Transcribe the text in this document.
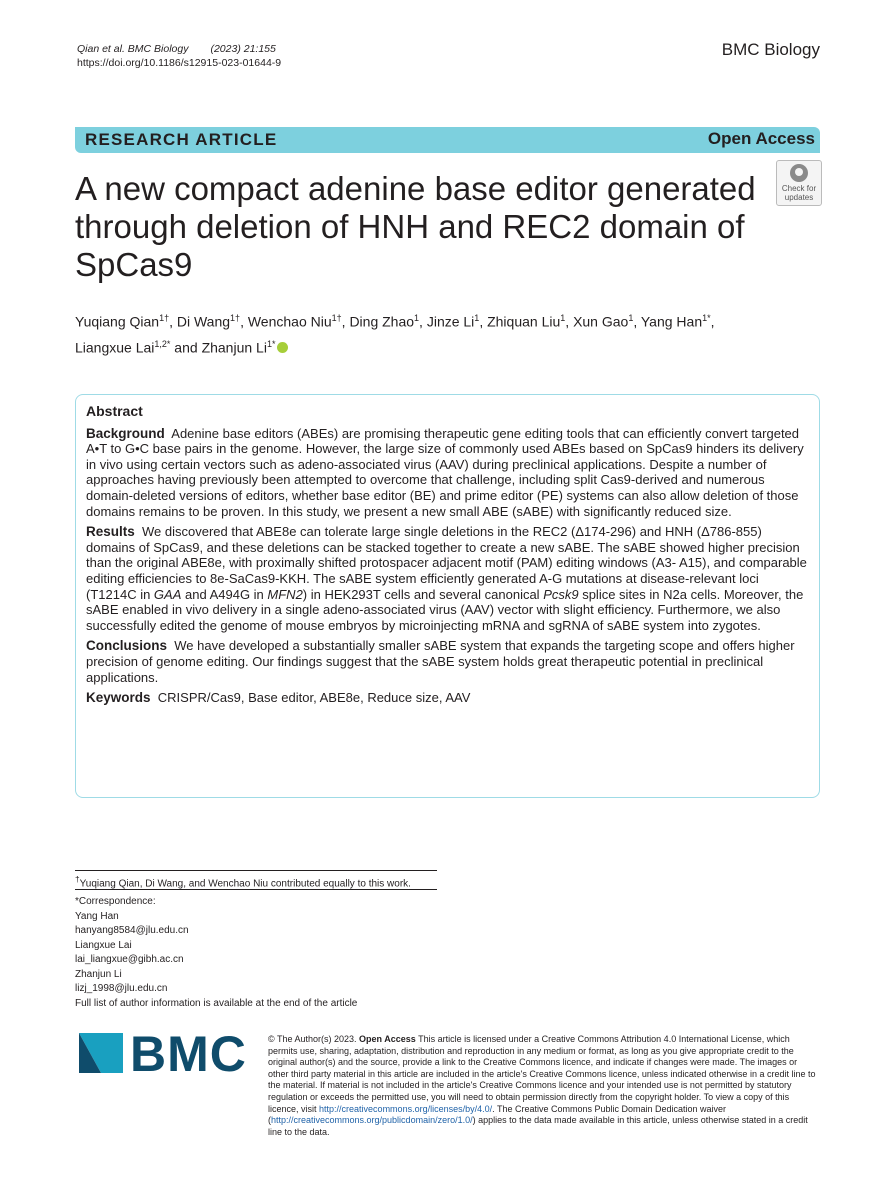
Qian et al. BMC Biology (2023) 21:155
https://doi.org/10.1186/s12915-023-01644-9
BMC Biology
RESEARCH ARTICLE	Open Access
A new compact adenine base editor generated through deletion of HNH and REC2 domain of SpCas9
Check for updates
Yuqiang Qian$^{1\dagger}$, Di Wang$^{1\dagger}$, Wenchao Niu$^{1\dagger}$, Ding Zhao$^1$, Jinze Li$^1$, Zhiquan Liu$^1$, Xun Gao$^1$, Yang Han$^{1*}$,
Liangxue Lai$^{1,2*}$ and Zhanjun $Li^{1*}$
Abstract

Background Adenine base editors (ABEs) are promising therapeutic gene editing tools that can efficiently convert targeted A•T to G•C base pairs in the genome. However, the large size of commonly used ABEs based on SpCas9 hinders its delivery in vivo using certain vectors such as adeno-associated virus (AAV) during preclinical applications. Despite a number of approaches having previously been attempted to overcome that challenge, including split Cas9-derived and numerous domain-deleted versions of editors, whether base editor (BE) and prime editor (PE) systems can also allow deletion of those domains remains to be proven. In this study, we present a new small ABE (sABE) with significantly reduced size.

Results We discovered that ABE8e can tolerate large single deletions in the REC2 (Δ174-296) and HNH (Δ786-855) domains of SpCas9, and these deletions can be stacked together to create a new sABE. The sABE showed higher precision than the original ABE8e, with proximally shifted protospacer adjacent motif (PAM) editing windows (A3- A15), and comparable editing efficiencies to 8e-SaCas9-KKH. The sABE system efficiently generated A-G mutations at disease-relevant loci (T1214C in GAA and A494G in MFN2) in HEK293T cells and several canonical Pcsk9 splice sites in N2a cells. Moreover, the sABE enabled in vivo delivery in a single adeno-associated virus (AAV) vector with slight efficiency. Furthermore, we also successfully edited the genome of mouse embryos by microinjecting mRNA and sgRNA of sABE system into zygotes.

Conclusions We have developed a substantially smaller sABE system that expands the targeting scope and offers higher precision of genome editing. Our findings suggest that the sABE system holds great therapeutic potential in preclinical applications.

Keywords CRISPR/Cas9, Base editor, ABE8e, Reduce size, AAV

†Yuqiang Qian, Di Wang, and Wenchao Niu contributed equally to this work.
*Correspondence:
Yang Han
hanyang8584@jlu.edu.cn
Liangxue Lai
lai_liangxue@gibh.ac.cn
Zhanjun Li
lizj_1998@jlu.edu.cn
Full list of author information is available at the end of the article
BMC © The Author(s) 2023. Open Access This article is licensed under a Creative Commons Attribution 4.0 International License, which permits use, sharing, adaptation, distribution and reproduction in any medium or format, as long as you give appropriate credit to the original author(s) and the source, provide a link to the Creative Commons licence, and indicate if changes were made. The images or other third party material in this article are included in the article's Creative Commons licence, unless indicated otherwise in a credit line to the material. If material is not included in the article's Creative Commons licence and your intended use is not permitted by statutory regulation or exceeds the permitted use, you will need to obtain permission directly from the copyright holder. To view a copy of this licence, visit http://creativecommons.org/licenses/by/4.0/. The Creative Commons Public Domain Dedication waiver (http://creativecommons.org/publicdomain/zero/1.0/) applies to the data made available in this article, unless otherwise stated in a credit line to the data.
